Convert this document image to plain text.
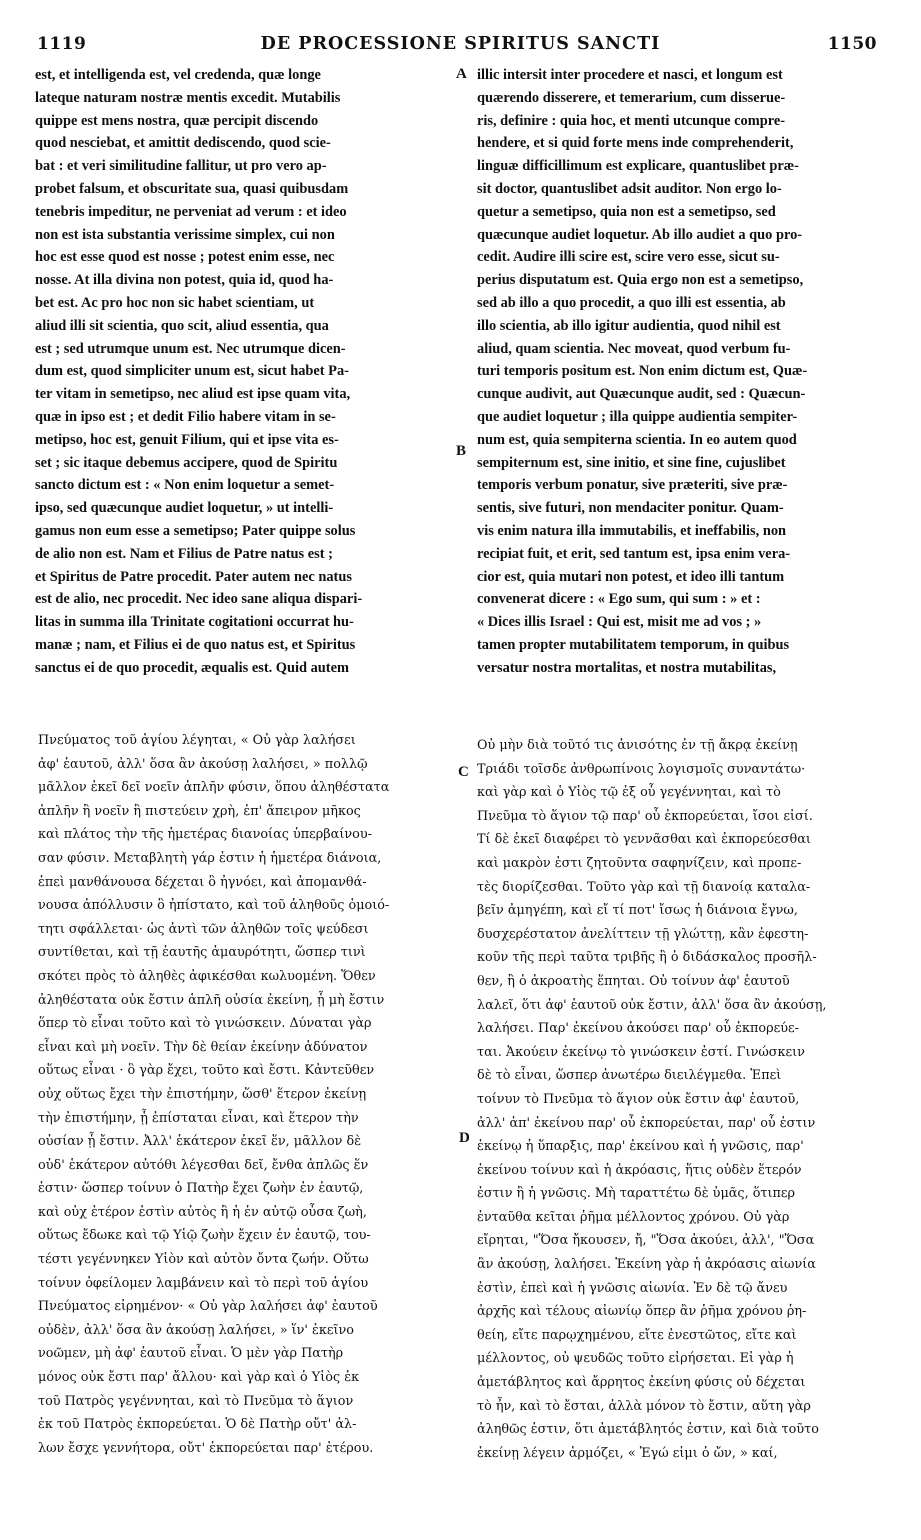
1119	DE PROCESSIONE SPIRITUS SANCTI	1150
est, et intelligenda est, vel credenda, quæ longe
lateque naturam nostræ mentis excedit. Mutabilis
quippe est mens nostra, quæ percipit discendo
quod nesciebat, et amittit dediscendo, quod scie-
bat : et veri similitudine fallitur, ut pro vero ap-
probet falsum, et obscuritate sua, quasi quibusdam
tenebris impeditur, ne perveniat ad verum : et ideo
non est ista substantia verissime simplex, cui non
hoc est esse quod est nosse ; potest enim esse, nec
nosse. At illa divina non potest, quia id, quod ha-
bet est. Ac pro hoc non sic habet scientiam, ut
aliud illi sit scientia, quo scit, aliud essentia, qua
est ; sed utrumque unum est. Nec utrumque dicen-
dum est, quod simpliciter unum est, sicut habet Pa-
ter vitam in semetipso, nec aliud est ipse quam vita,
quæ in ipso est ; et dedit Filio habere vitam in se-
metipso, hoc est, genuit Filium, qui et ipse vita es-
set ; sic itaque debemus accipere, quod de Spiritu
sancto dictum est : « Non enim loquetur a semet-
ipso, sed quæcunque audiet loquetur, » ut intelli-
gamus non eum esse a semetipso; Pater quippe solus
de alio non est. Nam et Filius de Patre natus est ;
et Spiritus de Patre procedit. Pater autem nec natus
est de alio, nec procedit. Nec ideo sane aliqua dispari-
litas in summa illa Trinitate cogitationi occurrat hu-
manæ ; nam, et Filius ei de quo natus est, et Spiritus
sanctus ei de quo procedit, æqualis est. Quid autem
illic intersit inter procedere et nasci, et longum est
quærendo disserere, et temerarium, cum disserue-
ris, definire : quia hoc, et menti utcunque compre-
hendere, et si quid forte mens inde comprehenderit,
linguæ difficillimum est explicare, quantuslibet præ-
sit doctor, quantuslibet adsit auditor. Non ergo lo-
quetur a semetipso, quia non est a semetipso, sed
quæcunque audiet loquetur. Ab illo audiet a quo pro-
cedit. Audire illi scire est, scire vero esse, sicut su-
perius disputatum est. Quia ergo non est a semetipso,
sed ab illo a quo procedit, a quo illi est essentia, ab
illo scientia, ab illo igitur audientia, quod nihil est
aliud, quam scientia. Nec moveat, quod verbum fu-
turi temporis positum est. Non enim dictum est, Quæ-
cunque audivit, aut Quæcunque audit, sed : Quæcun-
que audiet loquetur ; illa quippe audientia sempiter-
num est, quia sempiterna scientia. In eo autem quod
sempiternum est, sine initio, et sine fine, cujuslibet
temporis verbum ponatur, sive præteriti, sive præ-
sentis, sive futuri, non mendaciter ponitur. Quam-
vis enim natura illa immutabilis, et ineffabilis, non
recipiat fuit, et erit, sed tantum est, ipsa enim vera-
cior est, quia mutari non potest, et ideo illi tantum
convenerat dicere : « Ego sum, qui sum : » et :
« Dices illis Israel : Qui est, misit me ad vos ; »
tamen propter mutabilitatem temporum, in quibus
versatur nostra mortalitas, et nostra mutabilitas,
Πνεύματος τοῦ ἁγίου λέγηται, « Οὐ γὰρ λαλήσει
ἀφ' ἑαυτοῦ, ἀλλ' ὅσα ἂν ἀκούσῃ λαλήσει, » πολλῷ
μᾶλλον ἐκεῖ δεῖ νοεῖν ἁπλῆν φύσιν, ὅπου ἀληθέστατα
ἁπλῆν ἢ νοεῖν ἢ πιστεύειν χρὴ, ἐπ' ἄπειρον μῆκος
καὶ πλάτος τὴν τῆς ἡμετέρας διανοίας ὑπερβαίνου-
σαν φύσιν. Μεταβλητὴ γάρ ἐστιν ἡ ἡμετέρα διάνοια,
ἐπεὶ μανθάνουσα δέχεται ὃ ἠγνόει, καὶ ἀπομανθά-
νουσα ἀπόλλυσιν ὃ ἠπίστατο, καὶ τοῦ ἀληθοῦς ὁμοιό-
τητι σφάλλεται· ὡς ἀντὶ τῶν ἀληθῶν τοῖς ψεύδεσι
συντίθεται, καὶ τῇ ἑαυτῆς ἀμαυρότητι, ὥσπερ τινὶ
σκότει πρὸς τὸ ἀληθὲς ἀφικέσθαι κωλυομένη. Ὅθεν
ἀληθέστατα οὐκ ἔστιν ἁπλῆ οὐσία ἐκείνη, ᾗ μὴ ἔστιν
ὅπερ τὸ εἶναι τοῦτο καὶ τὸ γινώσκειν. Δύναται γὰρ
εἶναι καὶ μὴ νοεῖν. Τὴν δὲ θείαν ἐκείνην ἀδύνατον
οὕτως εἶναι · ὃ γὰρ ἔχει, τοῦτο καὶ ἔστι. Κἀντεῦθεν
οὐχ οὕτως ἔχει τὴν ἐπιστήμην, ὥσθ' ἕτερον ἐκείνῃ
τὴν ἐπιστήμην, ᾗ ἐπίσταται εἶναι, καὶ ἕτερον τὴν
οὐσίαν ᾗ ἔστιν. Ἀλλ' ἑκάτερον ἐκεῖ ἕν, μᾶλλον δὲ
οὐδ' ἑκάτερον αὐτόθι λέγεσθαι δεῖ, ἔνθα ἁπλῶς ἕν
ἐστιν· ὥσπερ τοίνυν ὁ Πατὴρ ἔχει ζωὴν ἐν ἑαυτῷ,
καὶ οὐχ ἑτέρον ἐστὶν αὐτὸς ἢ ἡ ἐν αὐτῷ οὖσα ζωὴ,
οὕτως ἔδωκε καὶ τῷ Υἱῷ ζωὴν ἔχειν ἐν ἑαυτῷ, του-
τέστι γεγέννηκεν Υἱὸν καὶ αὐτὸν ὄντα ζωήν. Οὕτω
τοίνυν ὀφείλομεν λαμβάνειν καὶ τὸ περὶ τοῦ ἁγίου
Πνεύματος εἰρημένον· « Οὐ γὰρ λαλήσει ἀφ' ἑαυτοῦ
οὐδὲν, ἀλλ' ὅσα ἂν ἀκούσῃ λαλήσει, » ἵν' ἐκεῖνο
νοῶμεν, μὴ ἀφ' ἑαυτοῦ εἶναι. Ὁ μὲν γὰρ Πατὴρ
μόνος οὐκ ἔστι παρ' ἄλλου· καὶ γὰρ καὶ ὁ Υἱὸς ἐκ
τοῦ Πατρὸς γεγέννηται, καὶ τὸ Πνεῦμα τὸ ἅγιον
ἐκ τοῦ Πατρὸς ἐκπορεύεται. Ὁ δὲ Πατὴρ οὔτ' ἀλ-
λων ἔσχε γεννήτορα, οὔτ' ἐκπορεύεται παρ' ἑτέρου.
Οὐ μὴν διὰ τοῦτό τις ἀνισότης ἐν τῇ ἄκρᾳ ἐκείνῃ
Τριάδι τοῖσδε ἀνθρωπίνοις λογισμοῖς συναντάτω·
καὶ γὰρ καὶ ὁ Υἱὸς τῷ ἐξ οὗ γεγέννηται, καὶ τὸ
Πνεῦμα τὸ ἅγιον τῷ παρ' οὗ ἐκπορεύεται, ἴσοι εἰσί.
Τί δὲ ἐκεῖ διαφέρει τὸ γεννᾶσθαι καὶ ἐκπορεύεσθαι
καὶ μακρὸν ἐστι ζητοῦντα σαφηνίζειν, καὶ προπε-
τὲς διορίζεσθαι. Τοῦτο γὰρ καὶ τῇ διανοίᾳ καταλα-
βεῖν ἀμηγέπη, καὶ εἴ τί ποτ' ἴσως ἡ διάνοια ἔγνω,
δυσχερέστατον ἀνελίττειν τῇ γλώττῃ, κἂν ἐφεστη-
κοῦν τῆς περὶ ταῦτα τριβῆς ἢ ὁ διδάσκαλος προσῆλ-
θεν, ἢ ὁ ἀκροατὴς ἕπηται. Οὐ τοίνυν ἀφ' ἑαυτοῦ
λαλεῖ, ὅτι ἀφ' ἑαυτοῦ οὐκ ἔστιν, ἀλλ' ὅσα ἂν ἀκούσῃ,
λαλήσει. Παρ' ἐκείνου ἀκούσει παρ' οὗ ἐκπορεύε-
ται. Ἀκούειν ἐκείνῳ τὸ γινώσκειν ἐστί. Γινώσκειν
δὲ τὸ εἶναι, ὥσπερ ἀνωτέρω διειλέγμεθα. Ἐπεὶ
τοίνυν τὸ Πνεῦμα τὸ ἅγιον οὐκ ἔστιν ἀφ' ἑαυτοῦ,
ἀλλ' ἀπ' ἐκείνου παρ' οὗ ἐκπορεύεται, παρ' οὗ ἐστιν
ἐκείνῳ ἡ ὕπαρξις, παρ' ἐκείνου καὶ ἡ γνῶσις, παρ'
ἐκείνου τοίνυν καὶ ἡ ἀκρόασις, ἥτις οὐδὲν ἕτερόν
ἐστιν ἢ ἡ γνῶσις. Μὴ ταραττέτω δὲ ὑμᾶς, ὅτιπερ
ἐνταῦθα κεῖται ῥῆμα μέλλοντος χρόνου. Οὐ γὰρ
εἴρηται, "Ὅσα ἤκουσεν, ἤ, "Ὅσα ἀκούει, ἀλλ', "Ὅσα
ἂν ἀκούσῃ, λαλήσει. Ἐκείνη γὰρ ἡ ἀκρόασις αἰωνία
ἐστὶν, ἐπεὶ καὶ ἡ γνῶσις αἰωνία. Ἐν δὲ τῷ ἄνευ
ἀρχῆς καὶ τέλους αἰωνίῳ ὅπερ ἂν ῥῆμα χρόνου ῥη-
θείη, εἴτε παρῳχημένου, εἴτε ἐνεστῶτος, εἴτε καὶ
μέλλοντος, οὐ ψευδῶς τοῦτο εἰρήσεται. Εἰ γὰρ ἡ
ἀμετάβλητος καὶ ἄρρητος ἐκείνη φύσις οὐ δέχεται
τὸ ἦν, καὶ τὸ ἔσται, ἀλλὰ μόνον τὸ ἔστιν, αὕτη γὰρ
ἀληθῶς ἐστιν, ὅτι ἀμετάβλητός ἐστιν, καὶ διὰ τοῦτο
ἐκείνῃ λέγειν ἁρμόζει, « Ἐγώ εἰμι ὁ ὤν, » καί,
A
B
C
D
